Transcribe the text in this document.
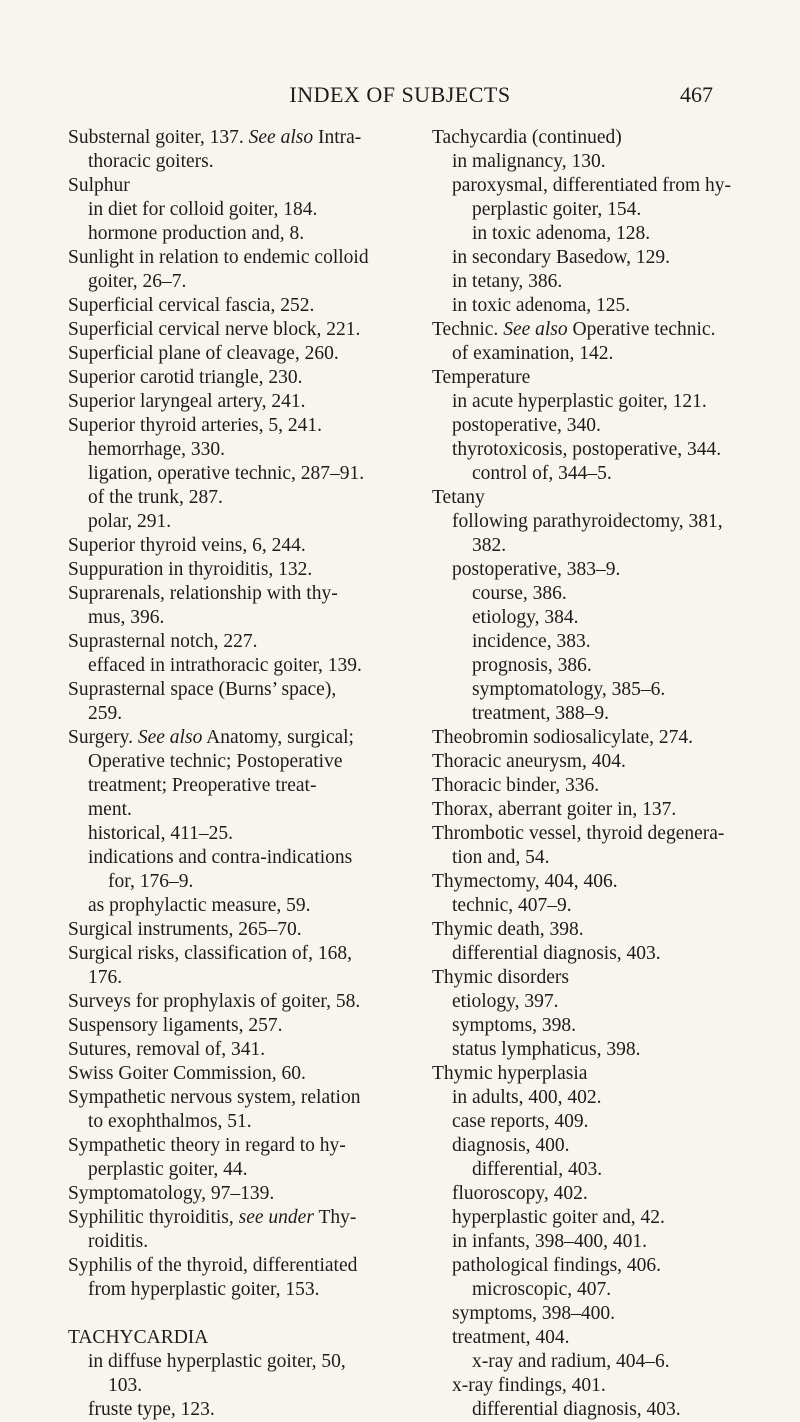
INDEX OF SUBJECTS	467
Substernal goiter, 137. See also Intra-
thoracic goiters.
Sulphur
in diet for colloid goiter, 184.
hormone production and, 8.
Sunlight in relation to endemic colloid
goiter, 26–7.
Superficial cervical fascia, 252.
Superficial cervical nerve block, 221.
Superficial plane of cleavage, 260.
Superior carotid triangle, 230.
Superior laryngeal artery, 241.
Superior thyroid arteries, 5, 241.
hemorrhage, 330.
ligation, operative technic, 287–91.
of the trunk, 287.
polar, 291.
Superior thyroid veins, 6, 244.
Suppuration in thyroiditis, 132.
Suprarenals, relationship with thy-
mus, 396.
Suprasternal notch, 227.
effaced in intrathoracic goiter, 139.
Suprasternal space (Burns’ space),
259.
Surgery. See also Anatomy, surgical;
Operative technic; Postoperative
treatment; Preoperative treat-
ment.
historical, 411–25.
indications and contra-indications
for, 176–9.
as prophylactic measure, 59.
Surgical instruments, 265–70.
Surgical risks, classification of, 168,
176.
Surveys for prophylaxis of goiter, 58.
Suspensory ligaments, 257.
Sutures, removal of, 341.
Swiss Goiter Commission, 60.
Sympathetic nervous system, relation
to exophthalmos, 51.
Sympathetic theory in regard to hy-
perplastic goiter, 44.
Symptomatology, 97–139.
Syphilitic thyroiditis, see under Thy-
roiditis.
Syphilis of the thyroid, differentiated
from hyperplastic goiter, 153.
TACHYCARDIA
in diffuse hyperplastic goiter, 50,
103.
fruste type, 123.
Tachycardia (continued)
in malignancy, 130.
paroxysmal, differentiated from hy-
perplastic goiter, 154.
in toxic adenoma, 128.
in secondary Basedow, 129.
in tetany, 386.
in toxic adenoma, 125.
Technic. See also Operative technic.
of examination, 142.
Temperature
in acute hyperplastic goiter, 121.
postoperative, 340.
thyrotoxicosis, postoperative, 344.
control of, 344–5.
Tetany
following parathyroidectomy, 381,
382.
postoperative, 383–9.
course, 386.
etiology, 384.
incidence, 383.
prognosis, 386.
symptomatology, 385–6.
treatment, 388–9.
Theobromin sodiosalicylate, 274.
Thoracic aneurysm, 404.
Thoracic binder, 336.
Thorax, aberrant goiter in, 137.
Thrombotic vessel, thyroid degenera-
tion and, 54.
Thymectomy, 404, 406.
technic, 407–9.
Thymic death, 398.
differential diagnosis, 403.
Thymic disorders
etiology, 397.
symptoms, 398.
status lymphaticus, 398.
Thymic hyperplasia
in adults, 400, 402.
case reports, 409.
diagnosis, 400.
differential, 403.
fluoroscopy, 402.
hyperplastic goiter and, 42.
in infants, 398–400, 401.
pathological findings, 406.
microscopic, 407.
symptoms, 398–400.
treatment, 404.
x-ray and radium, 404–6.
x-ray findings, 401.
differential diagnosis, 403.
